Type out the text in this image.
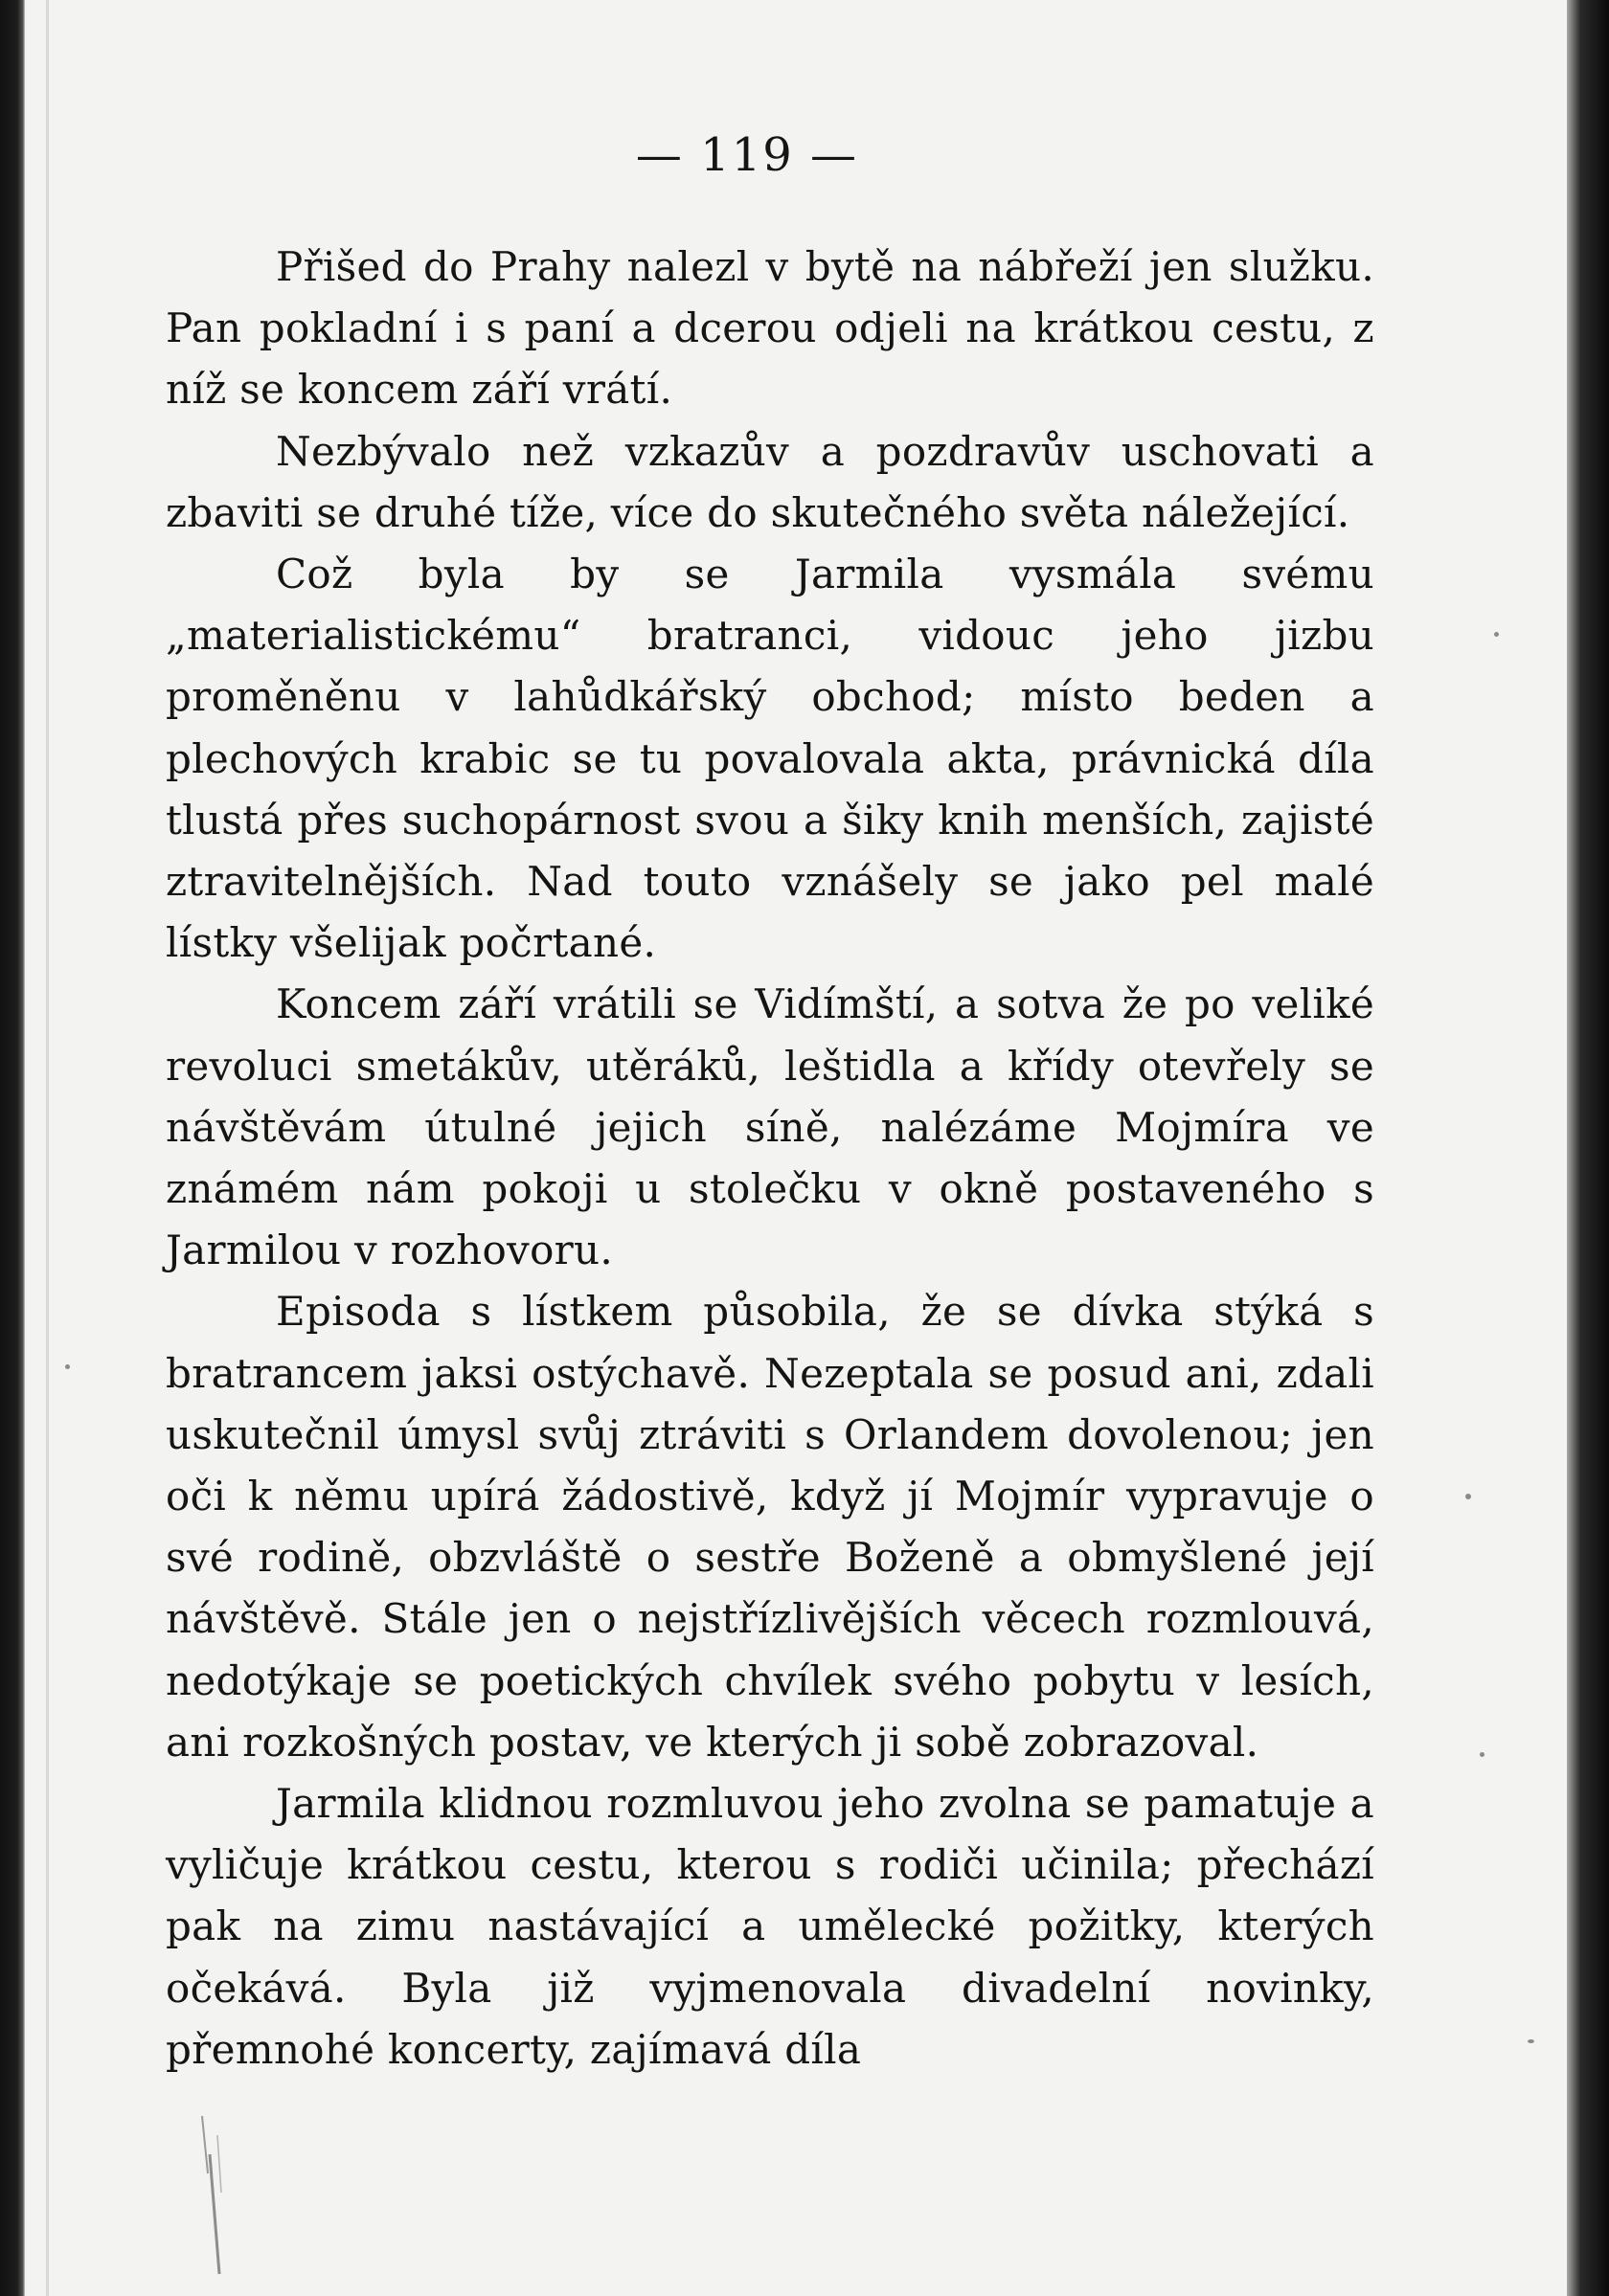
— 119 —

Přišed do Prahy nalezl v bytě na nábřeží jen služku. Pan pokladní i s paní a dcerou odjeli na krátkou cestu, z níž se koncem září vrátí.

Nezbývalo než vzkazův a pozdravův uschovati a zbaviti se druhé tíže, více do skutečného světa náležející.

Což byla by se Jarmila vysmála svému „materialistickému“ bratranci, vidouc jeho jizbu proměněnu v lahůdkářský obchod; místo beden a plechových krabic se tu povalovala akta, právnická díla tlustá přes suchopárnost svou a šiky knih menších, zajisté ztravitelnějších. Nad touto vznášely se jako pel malé lístky všelijak počrtané.

Koncem září vrátili se Vidímští, a sotva že po veliké revoluci smetákův, utěráků, leštidla a křídy otevřely se návštěvám útulné jejich síně, nalézáme Mojmíra ve známém nám pokoji u stolečku v okně postaveného s Jarmilou v rozhovoru.

Episoda s lístkem působila, že se dívka stýká s bratrancem jaksi ostýchavě. Nezeptala se posud ani, zdali uskutečnil úmysl svůj ztráviti s Orlandem dovolenou; jen oči k němu upírá žádostivě, když jí Mojmír vypravuje o své rodině, obzvláště o sestře Boženě a obmyšlené její návštěvě. Stále jen o nejstřízlivějších věcech rozmlouvá, nedotýkaje se poetických chvílek svého pobytu v lesích, ani rozkošných postav, ve kterých ji sobě zobrazoval.

Jarmila klidnou rozmluvou jeho zvolna se pamatuje a vyličuje krátkou cestu, kterou s rodiči učinila; přechází pak na zimu nastávající a umělecké požitky, kterých očekává. Byla již vyjmenovala divadelní novinky, přemnohé koncerty, zajímavá díla
